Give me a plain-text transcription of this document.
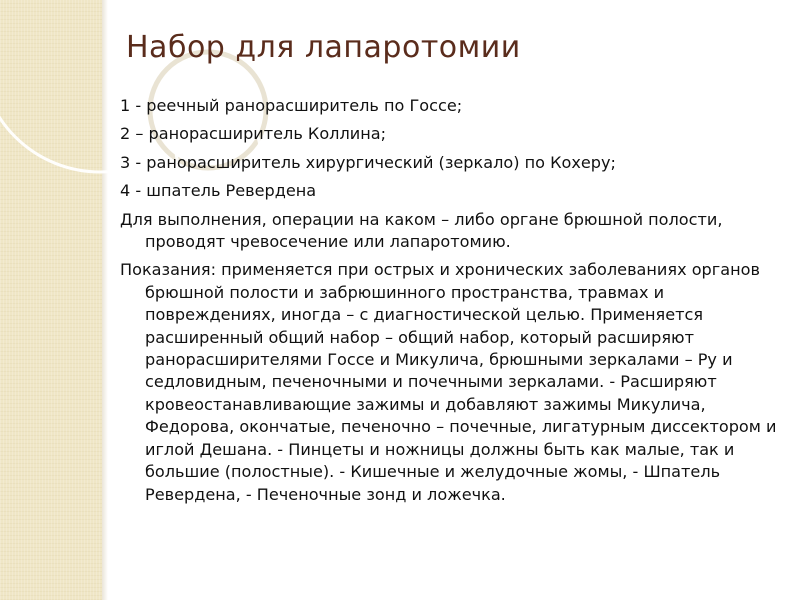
Набор для лапаротомии

1 - реечный ранорасширитель по Госсе;

2 – ранорасширитель Коллина;

3 - ранорасширитель хирургический (зеркало) по Кохеру;

4 - шпатель Ревердена

Для выполнения, операции на каком – либо органе брюшной полости, проводят чревосечение или лапаротомию.

Показания: применяется при острых и хронических заболеваниях органов брюшной полости и забрюшинного пространства, травмах и повреждениях, иногда – с диагностической целью. Применяется расширенный общий набор – общий набор, который расширяют ранорасширителями Госсе и Микулича, брюшными зеркалами – Ру и седловидным, печеночными и почечными зеркалами. - Расширяют кровеостанавливающие зажимы и добавляют зажимы Микулича, Федорова, окончатые, печеночно – почечные, лигатурным диссектором и иглой Дешана. - Пинцеты и ножницы должны быть как малые, так и большие (полостные). - Кишечные и желудочные жомы, - Шпатель Ревердена, - Печеночные зонд и ложечка.
